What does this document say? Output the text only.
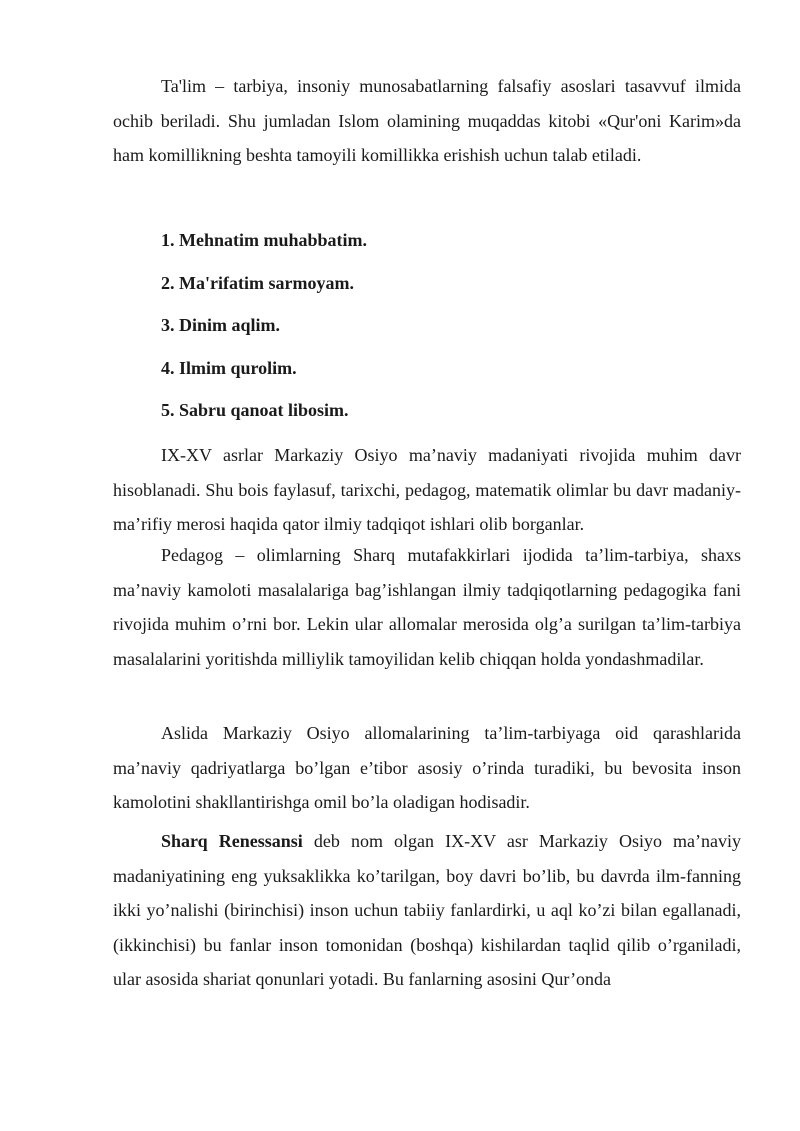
Ta'lim – tarbiya, insoniy munosabatlarning falsafiy asoslari tasavvuf ilmida ochib beriladi. Shu jumladan Islom olamining muqaddas kitobi «Qur'oni Karim»da ham komillikning beshta tamoyili komillikka erishish uchun talab etiladi.

1. Mehnatim muhabbatim.
2. Ma'rifatim sarmoyam.
3. Dinim aqlim.
4. Ilmim qurolim.
5. Sabru qanoat libosim.

IX-XV asrlar Markaziy Osiyo ma’naviy madaniyati rivojida muhim davr hisoblanadi. Shu bois faylasuf, tarixchi, pedagog, matematik olimlar bu davr madaniy-ma’rifiy merosi haqida qator ilmiy tadqiqot ishlari olib borganlar.

Pedagog – olimlarning Sharq mutafakkirlari ijodida ta’lim-tarbiya, shaxs ma’naviy kamoloti masalalariga bag’ishlangan ilmiy tadqiqotlarning pedagogika fani rivojida muhim o’rni bor. Lekin ular allomalar merosida olg’a surilgan ta’lim-tarbiya masalalarini yoritishda milliylik tamoyilidan kelib chiqqan holda yondashmadilar.

Aslida Markaziy Osiyo allomalarining ta’lim-tarbiyaga oid qarashlarida ma’naviy qadriyatlarga bo’lgan e’tibor asosiy o’rinda turadiki, bu bevosita inson kamolotini shakllantirishga omil bo’la oladigan hodisadir.

Sharq Renessansi deb nom olgan IX-XV asr Markaziy Osiyo ma’naviy madaniyatining eng yuksaklikka ko’tarilgan, boy davri bo’lib, bu davrda ilm-fanning ikki yo’nalishi (birinchisi) inson uchun tabiiy fanlardirki, u aql ko’zi bilan egallanadi, (ikkinchisi) bu fanlar inson tomonidan (boshqa) kishilardan taqlid qilib o’rganiladi, ular asosida shariat qonunlari yotadi. Bu fanlarning asosini Qur’onda
